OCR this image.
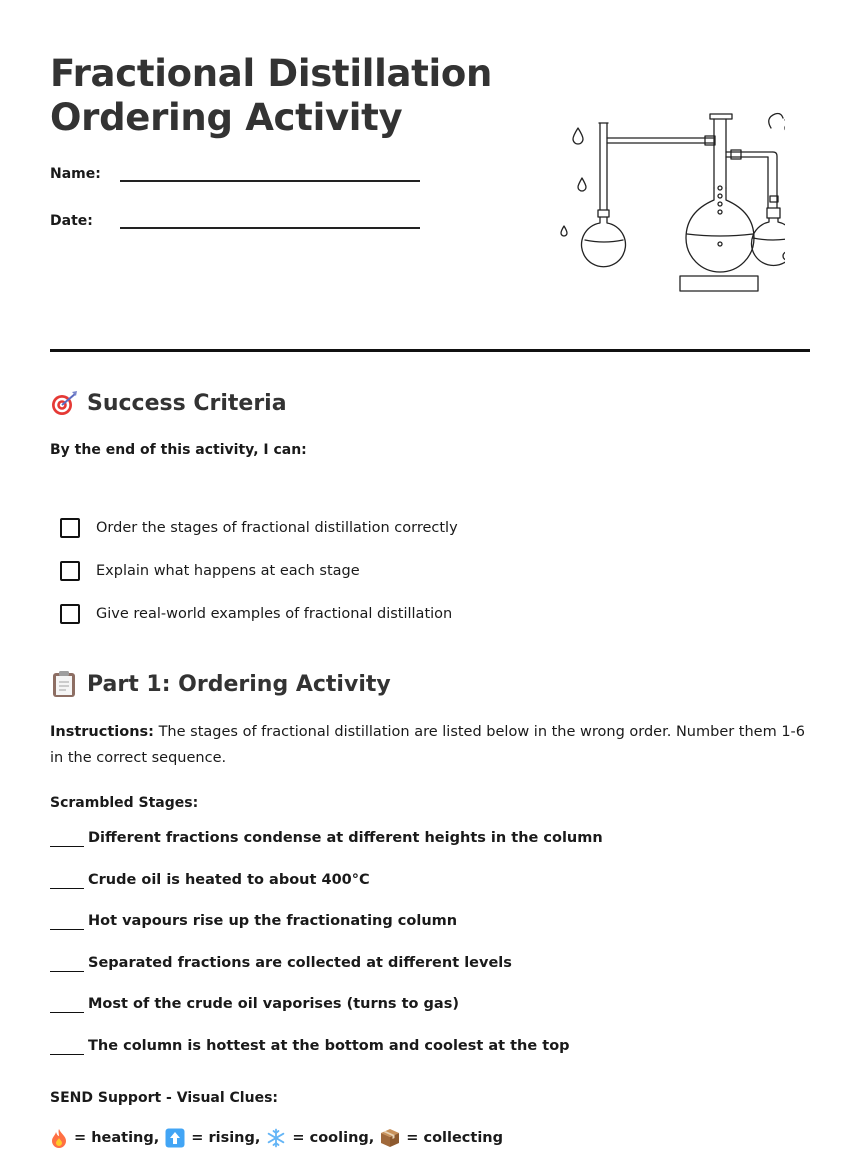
Fractional Distillation
Ordering Activity
Name:
Date:
Success Criteria
By the end of this activity, I can:
Order the stages of fractional distillation correctly
Explain what happens at each stage
Give real-world examples of fractional distillation
Part 1: Ordering Activity
Instructions: The stages of fractional distillation are listed below in the wrong order. Number them 1-6 in the correct sequence.
Scrambled Stages:
Different fractions condense at different heights in the column
Crude oil is heated to about 400°C
Hot vapours rise up the fractionating column
Separated fractions are collected at different levels
Most of the crude oil vaporises (turns to gas)
The column is hottest at the bottom and coolest at the top
SEND Support - Visual Clues:
= heating, = rising, = cooling, = collecting
